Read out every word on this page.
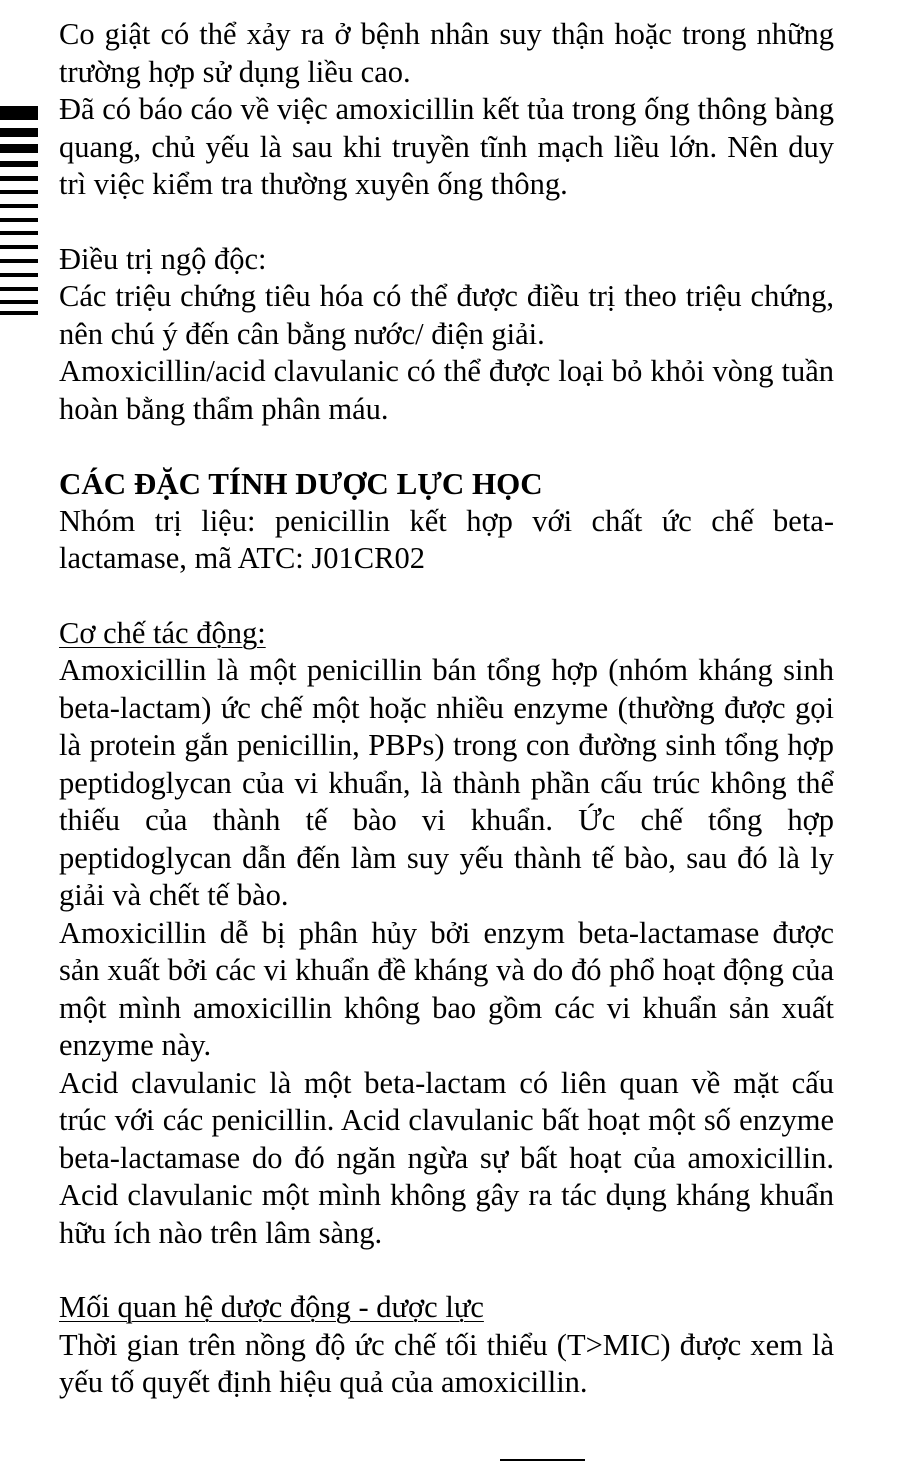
Co giật có thể xảy ra ở bệnh nhân suy thận hoặc trong những trường hợp sử dụng liều cao.

Đã có báo cáo về việc amoxicillin kết tủa trong ống thông bàng quang, chủ yếu là sau khi truyền tĩnh mạch liều lớn. Nên duy trì việc kiểm tra thường xuyên ống thông.

Điều trị ngộ độc:

Các triệu chứng tiêu hóa có thể được điều trị theo triệu chứng, nên chú ý đến cân bằng nước/ điện giải.

Amoxicillin/acid clavulanic có thể được loại bỏ khỏi vòng tuần hoàn bằng thẩm phân máu.

CÁC ĐẶC TÍNH DƯỢC LỰC HỌC

Nhóm trị liệu: penicillin kết hợp với chất ức chế beta-lactamase, mã ATC: J01CR02

Cơ chế tác động:

Amoxicillin là một penicillin bán tổng hợp (nhóm kháng sinh beta-lactam) ức chế một hoặc nhiều enzyme (thường được gọi là protein gắn penicillin, PBPs) trong con đường sinh tổng hợp peptidoglycan của vi khuẩn, là thành phần cấu trúc không thể thiếu của thành tế bào vi khuẩn. Ức chế tổng hợp peptidoglycan dẫn đến làm suy yếu thành tế bào, sau đó là ly giải và chết tế bào.

Amoxicillin dễ bị phân hủy bởi enzym beta-lactamase được sản xuất bởi các vi khuẩn đề kháng và do đó phổ hoạt động của một mình amoxicillin không bao gồm các vi khuẩn sản xuất enzyme này.

Acid clavulanic là một beta-lactam có liên quan về mặt cấu trúc với các penicillin. Acid clavulanic bất hoạt một số enzyme beta-lactamase do đó ngăn ngừa sự bất hoạt của amoxicillin. Acid clavulanic một mình không gây ra tác dụng kháng khuẩn hữu ích nào trên lâm sàng.

Mối quan hệ dược động - dược lực

Thời gian trên nồng độ ức chế tối thiểu (T>MIC) được xem là yếu tố quyết định hiệu quả của amoxicillin.
